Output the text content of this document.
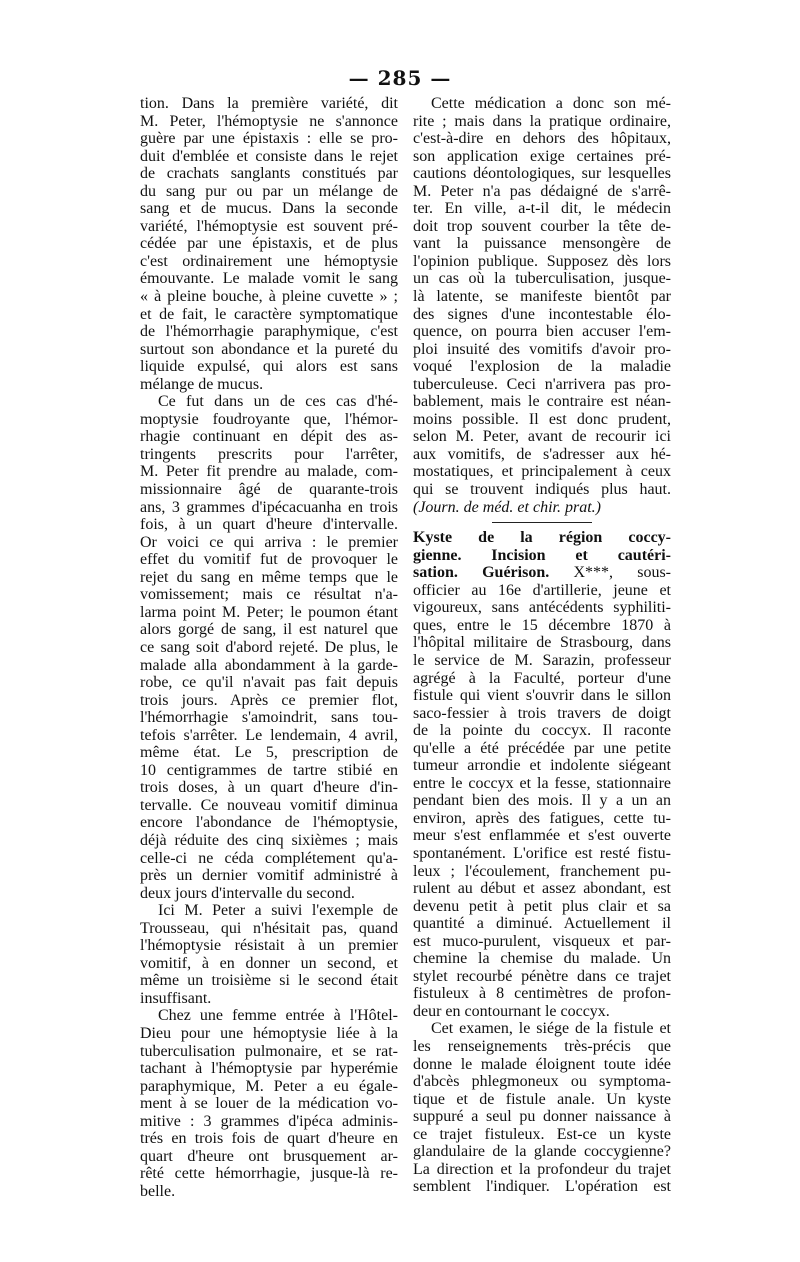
— 285 —
tion. Dans la première variété, dit
M. Peter, l'hémoptysie ne s'annonce
guère par une épistaxis : elle se pro-
duit d'emblée et consiste dans le rejet
de crachats sanglants constitués par
du sang pur ou par un mélange de
sang et de mucus. Dans la seconde
variété, l'hémoptysie est souvent pré-
cédée par une épistaxis, et de plus
c'est ordinairement une hémoptysie
émouvante. Le malade vomit le sang
« à pleine bouche, à pleine cuvette » ;
et de fait, le caractère symptomatique
de l'hémorrhagie paraphymique, c'est
surtout son abondance et la pureté du
liquide expulsé, qui alors est sans
mélange de mucus.
Ce fut dans un de ces cas d'hé-
moptysie foudroyante que, l'hémor-
rhagie continuant en dépit des as-
tringents prescrits pour l'arrêter,
M. Peter fit prendre au malade, com-
missionnaire âgé de quarante-trois
ans, 3 grammes d'ipécacuanha en trois
fois, à un quart d'heure d'intervalle.
Or voici ce qui arriva : le premier
effet du vomitif fut de provoquer le
rejet du sang en même temps que le
vomissement; mais ce résultat n'a-
larma point M. Peter; le poumon étant
alors gorgé de sang, il est naturel que
ce sang soit d'abord rejeté. De plus, le
malade alla abondamment à la garde-
robe, ce qu'il n'avait pas fait depuis
trois jours. Après ce premier flot,
l'hémorrhagie s'amoindrit, sans tou-
tefois s'arrêter. Le lendemain, 4 avril,
même état. Le 5, prescription de
10 centigrammes de tartre stibié en
trois doses, à un quart d'heure d'in-
tervalle. Ce nouveau vomitif diminua
encore l'abondance de l'hémoptysie,
déjà réduite des cinq sixièmes ; mais
celle-ci ne céda complétement qu'a-
près un dernier vomitif administré à
deux jours d'intervalle du second.
Ici M. Peter a suivi l'exemple de
Trousseau, qui n'hésitait pas, quand
l'hémoptysie résistait à un premier
vomitif, à en donner un second, et
même un troisième si le second était
insuffisant.
Chez une femme entrée à l'Hôtel-
Dieu pour une hémoptysie liée à la
tuberculisation pulmonaire, et se rat-
tachant à l'hémoptysie par hyperémie
paraphymique, M. Peter a eu égale-
ment à se louer de la médication vo-
mitive : 3 grammes d'ipéca adminis-
trés en trois fois de quart d'heure en
quart d'heure ont brusquement ar-
rêté cette hémorrhagie, jusque-là re-
belle.
Cette médication a donc son mé-
rite ; mais dans la pratique ordinaire,
c'est-à-dire en dehors des hôpitaux,
son application exige certaines pré-
cautions déontologiques, sur lesquelles
M. Peter n'a pas dédaigné de s'arrê-
ter. En ville, a-t-il dit, le médecin
doit trop souvent courber la tête de-
vant la puissance mensongère de
l'opinion publique. Supposez dès lors
un cas où la tuberculisation, jusque-
là latente, se manifeste bientôt par
des signes d'une incontestable élo-
quence, on pourra bien accuser l'em-
ploi insuité des vomitifs d'avoir pro-
voqué l'explosion de la maladie
tuberculeuse. Ceci n'arrivera pas pro-
bablement, mais le contraire est néan-
moins possible. Il est donc prudent,
selon M. Peter, avant de recourir ici
aux vomitifs, de s'adresser aux hé-
mostatiques, et principalement à ceux
qui se trouvent indiqués plus haut.
(Journ. de méd. et chir. prat.)
Kyste de la région coccy-
gienne. Incision et cautéri-
sation. Guérison. X***, sous-
officier au 16e d'artillerie, jeune et
vigoureux, sans antécédents syphiliti-
ques, entre le 15 décembre 1870 à
l'hôpital militaire de Strasbourg, dans
le service de M. Sarazin, professeur
agrégé à la Faculté, porteur d'une
fistule qui vient s'ouvrir dans le sillon
saco-fessier à trois travers de doigt
de la pointe du coccyx. Il raconte
qu'elle a été précédée par une petite
tumeur arrondie et indolente siégeant
entre le coccyx et la fesse, stationnaire
pendant bien des mois. Il y a un an
environ, après des fatigues, cette tu-
meur s'est enflammée et s'est ouverte
spontanément. L'orifice est resté fistu-
leux ; l'écoulement, franchement pu-
rulent au début et assez abondant, est
devenu petit à petit plus clair et sa
quantité a diminué. Actuellement il
est muco-purulent, visqueux et par-
chemine la chemise du malade. Un
stylet recourbé pénètre dans ce trajet
fistuleux à 8 centimètres de profon-
deur en contournant le coccyx.
Cet examen, le siége de la fistule et
les renseignements très-précis que
donne le malade éloignent toute idée
d'abcès phlegmoneux ou symptoma-
tique et de fistule anale. Un kyste
suppuré a seul pu donner naissance à
ce trajet fistuleux. Est-ce un kyste
glandulaire de la glande coccygienne?
La direction et la profondeur du trajet
semblent l'indiquer. L'opération est
